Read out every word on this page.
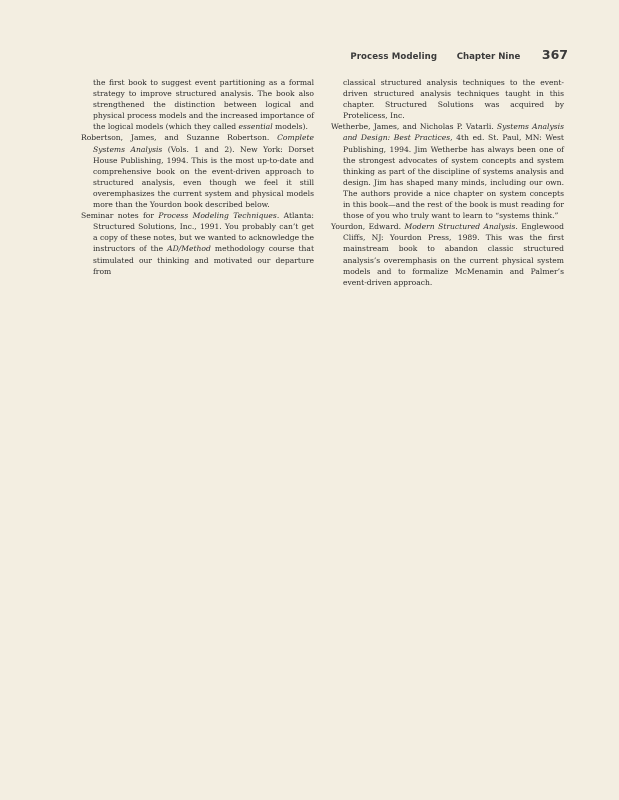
Process Modeling Chapter Nine 367

the first book to suggest event partitioning as a formal strategy to improve structured analysis. The book also strengthened the distinction between logical and physical process models and the increased importance of the logical models (which they called essential models).

Robertson, James, and Suzanne Robertson. Complete Systems Analysis (Vols. 1 and 2). New York: Dorset House Publishing, 1994. This is the most up-to-date and comprehensive book on the event-driven approach to structured analysis, even though we feel it still overemphasizes the current system and physical models more than the Yourdon book described below.

Seminar notes for Process Modeling Techniques. Atlanta: Structured Solutions, Inc., 1991. You probably can’t get a copy of these notes, but we wanted to acknowledge the instructors of the AD/Method methodology course that stimulated our thinking and motivated our departure from

classical structured analysis techniques to the event-driven structured analysis techniques taught in this chapter. Structured Solutions was acquired by Protelicess, Inc.

Wetherbe, James, and Nicholas P. Vatarli. Systems Analysis and Design: Best Practices, 4th ed. St. Paul, MN: West Publishing, 1994. Jim Wetherbe has always been one of the strongest advocates of system concepts and system thinking as part of the discipline of systems analysis and design. Jim has shaped many minds, including our own. The authors provide a nice chapter on system concepts in this book—and the rest of the book is must reading for those of you who truly want to learn to “systems think.”

Yourdon, Edward. Modern Structured Analysis. Englewood Cliffs, NJ: Yourdon Press, 1989. This was the first mainstream book to abandon classic structured analysis’s overemphasis on the current physical system models and to formalize McMenamin and Palmer’s event-driven approach.
